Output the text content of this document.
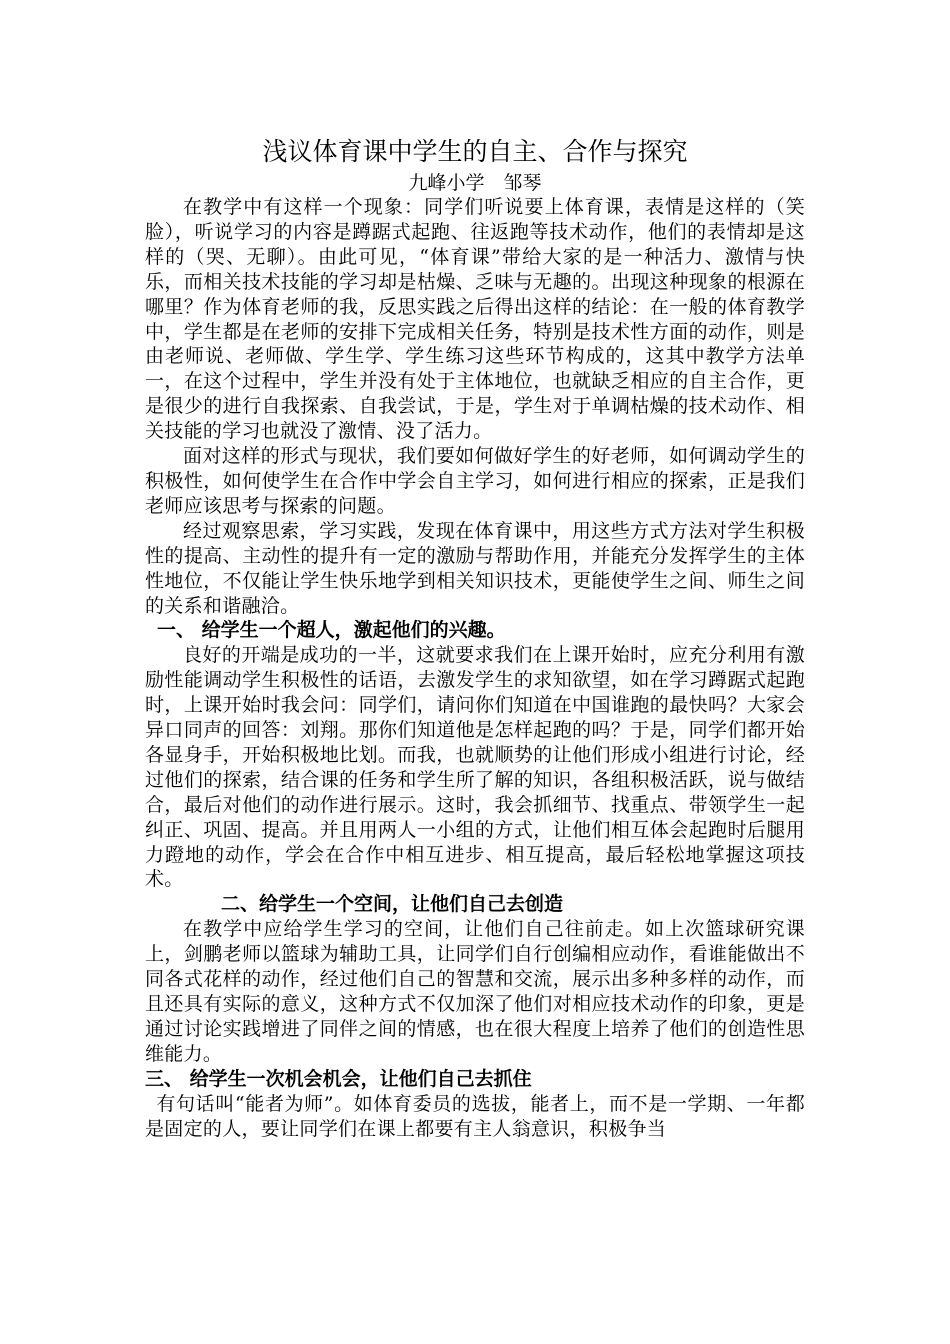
浅议体育课中学生的自主、合作与探究

九峰小学　邹琴

在教学中有这样一个现象：同学们听说要上体育课，表情是这样的（笑脸），听说学习的内容是蹲踞式起跑、往返跑等技术动作，他们的表情却是这样的（哭、无聊）。由此可见，“体育课”带给大家的是一种活力、激情与快乐，而相关技术技能的学习却是枯燥、乏味与无趣的。出现这种现象的根源在哪里？作为体育老师的我，反思实践之后得出这样的结论：在一般的体育教学中，学生都是在老师的安排下完成相关任务，特别是技术性方面的动作，则是由老师说、老师做、学生学、学生练习这些环节构成的，这其中教学方法单一，在这个过程中，学生并没有处于主体地位，也就缺乏相应的自主合作，更是很少的进行自我探索、自我尝试，于是，学生对于单调枯燥的技术动作、相关技能的学习也就没了激情、没了活力。

面对这样的形式与现状，我们要如何做好学生的好老师，如何调动学生的积极性，如何使学生在合作中学会自主学习，如何进行相应的探索，正是我们老师应该思考与探索的问题。

经过观察思索，学习实践，发现在体育课中，用这些方式方法对学生积极性的提高、主动性的提升有一定的激励与帮助作用，并能充分发挥学生的主体性地位，不仅能让学生快乐地学到相关知识技术，更能使学生之间、师生之间的关系和谐融洽。

一、 给学生一个超人，激起他们的兴趣。

良好的开端是成功的一半，这就要求我们在上课开始时，应充分利用有激励性能调动学生积极性的话语，去激发学生的求知欲望，如在学习蹲踞式起跑时，上课开始时我会问：同学们，请问你们知道在中国谁跑的最快吗？大家会异口同声的回答：刘翔。那你们知道他是怎样起跑的吗？于是，同学们都开始各显身手，开始积极地比划。而我，也就顺势的让他们形成小组进行讨论，经过他们的探索，结合课的任务和学生所了解的知识，各组积极活跃，说与做结合，最后对他们的动作进行展示。这时，我会抓细节、找重点、带领学生一起纠正、巩固、提高。并且用两人一小组的方式，让他们相互体会起跑时后腿用力蹬地的动作，学会在合作中相互进步、相互提高，最后轻松地掌握这项技术。

二、给学生一个空间，让他们自己去创造

在教学中应给学生学习的空间，让他们自己往前走。如上次篮球研究课上，剑鹏老师以篮球为辅助工具，让同学们自行创编相应动作，看谁能做出不同各式花样的动作，经过他们自己的智慧和交流，展示出多种多样的动作，而且还具有实际的意义，这种方式不仅加深了他们对相应技术动作的印象，更是通过讨论实践增进了同伴之间的情感，也在很大程度上培养了他们的创造性思维能力。

三、 给学生一次机会机会，让他们自己去抓住

有句话叫“能者为师”。如体育委员的选拔，能者上，而不是一学期、一年都是固定的人，要让同学们在课上都要有主人翁意识，积极争当
